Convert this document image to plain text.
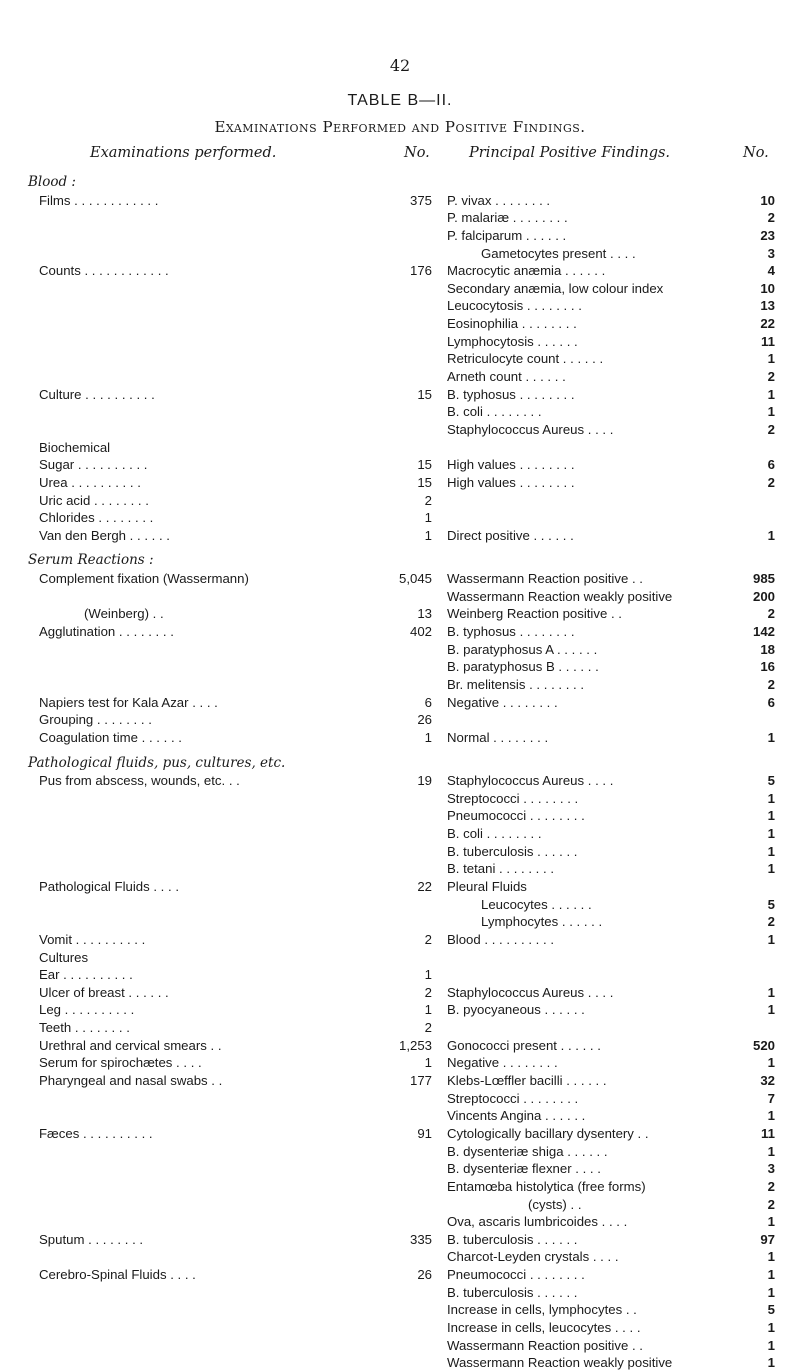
42
TABLE B—II.
Examinations Performed and Positive Findings.
Examinations performed.	No.	Principal Positive Findings.	No.
Blood :
Films . . . . . . . . . . . .	375 P. vivax . . . . . . . .	10
P. malariæ . . . . . . . .	2
P. falciparum . . . . . .	23
Gametocytes present . . . .	3
Counts . . . . . . . . . . . .	176 Macrocytic anæmia . . . . . .	4
Secondary anæmia, low colour index	10
Leucocytosis . . . . . . . .	13
Eosinophilia . . . . . . . .	22
Lymphocytosis . . . . . .	11
Retriculocyte count . . . . . .	1
Arneth count . . . . . .	2
Culture . . . . . . . . . .	15 B. typhosus . . . . . . . .	1
B. coli . . . . . . . .	1
Staphylococcus Aureus . . . .	2
Biochemical
Sugar . . . . . . . . . .	15 High values . . . . . . . .	6
Urea . . . . . . . . . .	15 High values . . . . . . . .	2
Uric acid . . . . . . . .	2
Chlorides . . . . . . . .	1
Van den Bergh . . . . . .	1 Direct positive . . . . . .	1
Serum Reactions :
Complement fixation (Wassermann)	5,045 Wassermann Reaction positive . .	985
Wassermann Reaction weakly positive	200
(Weinberg) . .	13 Weinberg Reaction positive . .	2
Agglutination . . . . . . . .	402 B. typhosus . . . . . . . .	142
B. paratyphosus A . . . . . .	18
B. paratyphosus B . . . . . .	16
Br. melitensis . . . . . . . .	2
Napiers test for Kala Azar . . . .	6 Negative . . . . . . . .	6
Grouping . . . . . . . .	26
Coagulation time . . . . . .	1 Normal . . . . . . . .	1
Pathological fluids, pus, cultures, etc.
Pus from abscess, wounds, etc. . .	19 Staphylococcus Aureus . . . .	5
Streptococci . . . . . . . .	1
Pneumococci . . . . . . . .	1
B. coli . . . . . . . .	1
B. tuberculosis . . . . . .	1
B. tetani . . . . . . . .	1
Pathological Fluids . . . .	22 Pleural Fluids
Leucocytes . . . . . .	5
Lymphocytes . . . . . .	2
Vomit . . . . . . . . . .	2 Blood . . . . . . . . . .	1
Cultures
Ear . . . . . . . . . .	1
Ulcer of breast . . . . . .	2 Staphylococcus Aureus . . . .	1
Leg . . . . . . . . . .	1 B. pyocyaneous . . . . . .	1
Teeth . . . . . . . .	2
Urethral and cervical smears . .	1,253 Gonococci present . . . . . .	520
Serum for spirochætes . . . .	1 Negative . . . . . . . .	1
Pharyngeal and nasal swabs . .	177 Klebs-Lœffler bacilli . . . . . .	32
Streptococci . . . . . . . .	7
Vincents Angina . . . . . .	1
Fæces . . . . . . . . . .	91 Cytologically bacillary dysentery . .	11
B. dysenteriæ shiga . . . . . .	1
B. dysenteriæ flexner . . . .	3
Entamœba histolytica (free forms)	2
(cysts) . .	2
Ova, ascaris lumbricoides . . . .	1
Sputum . . . . . . . .	335 B. tuberculosis . . . . . .	97
Charcot-Leyden crystals . . . .	1
Cerebro-Spinal Fluids . . . .	26 Pneumococci . . . . . . . .	1
B. tuberculosis . . . . . .	1
Increase in cells, lymphocytes . .	5
Increase in cells, leucocytes . . . .	1
Wassermann Reaction positive . .	1
Wassermann Reaction weakly positive	1
